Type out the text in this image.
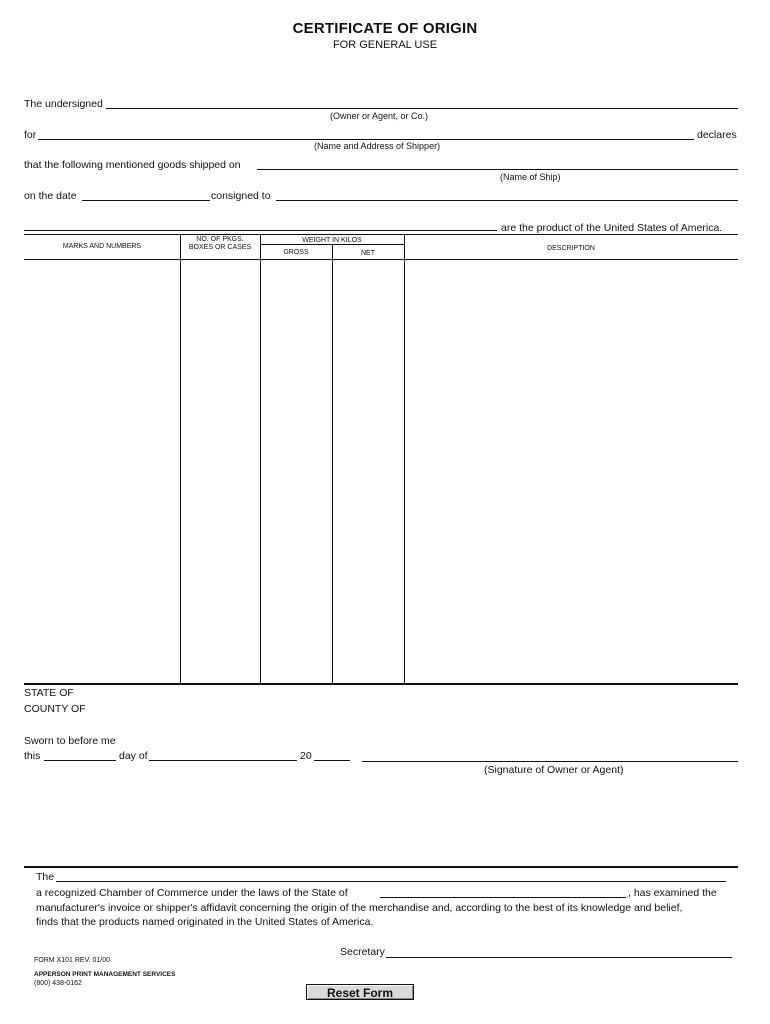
CERTIFICATE OF ORIGIN
FOR GENERAL USE
The undersigned
(Owner or Agent, or Co.)
for	declares
(Name and Address of Shipper)
that the following mentioned goods shipped on
(Name of Ship)
on the date	consigned to
are the product of the United States of America.
MARKS AND NUMBERS
NO. OF PKGS. BOXES OR CASES
WEIGHT IN KILOS
GROSS	NET
DESCRIPTION
STATE OF
COUNTY OF
Sworn to before me
this	day of	20
(Signature of Owner or Agent)
The
a recognized Chamber of Commerce under the laws of the State of	, has examined the
manufacturer's invoice or shipper's affidavit concerning the origin of the merchandise and, according to the best of its knowledge and belief,
finds that the products named originated in the United States of America.
Secretary
FORM X101 REV. 01/00
APPERSON PRINT MANAGEMENT SERVICES
(800) 438-0162
Reset Form
